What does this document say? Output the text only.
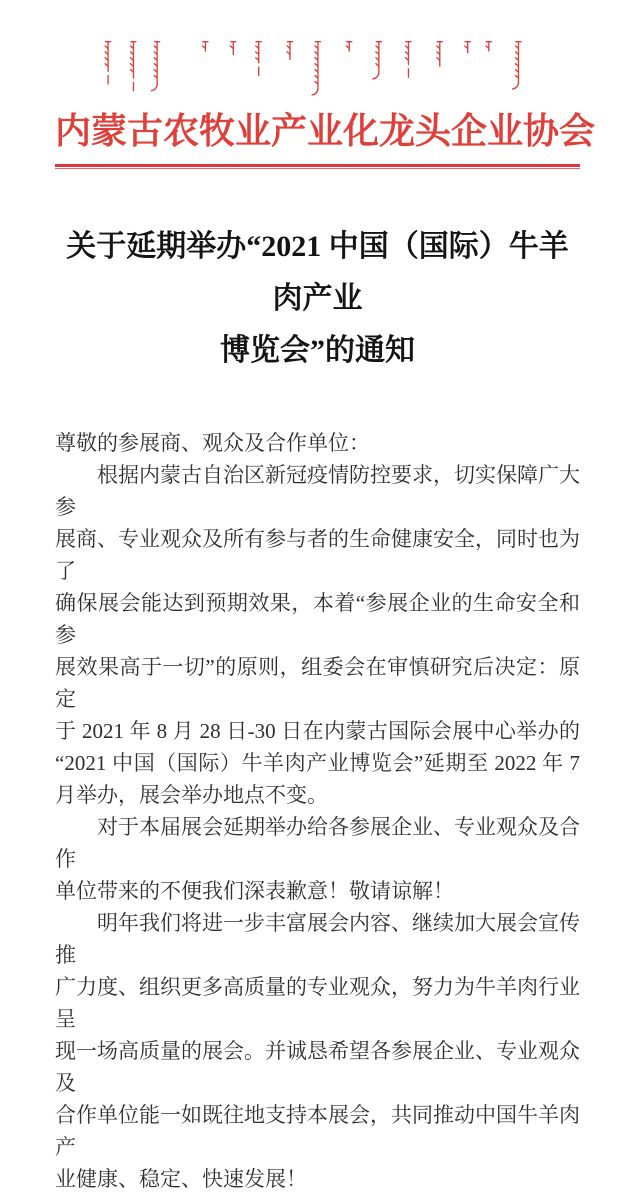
内蒙古农牧业产业化龙头企业协会
关于延期举办“2021 中国（国际）牛羊肉产业
博览会”的通知

尊敬的参展商、观众及合作单位：

根据内蒙古自治区新冠疫情防控要求，切实保障广大参
展商、专业观众及所有参与者的生命健康安全，同时也为了
确保展会能达到预期效果，本着“参展企业的生命安全和参
展效果高于一切”的原则，组委会在审慎研究后决定：原定
于 2021 年 8 月 28 日-30 日在内蒙古国际会展中心举办的
“2021 中国（国际）牛羊肉产业博览会”延期至 2022 年 7
月举办，展会举办地点不变。
对于本届展会延期举办给各参展企业、专业观众及合作
单位带来的不便我们深表歉意！敬请谅解！
明年我们将进一步丰富展会内容、继续加大展会宣传推
广力度、组织更多高质量的专业观众，努力为牛羊肉行业呈
现一场高质量的展会。并诚恳希望各参展企业、专业观众及
合作单位能一如既往地支持本展会，共同推动中国牛羊肉产
业健康、稳定、快速发展！
